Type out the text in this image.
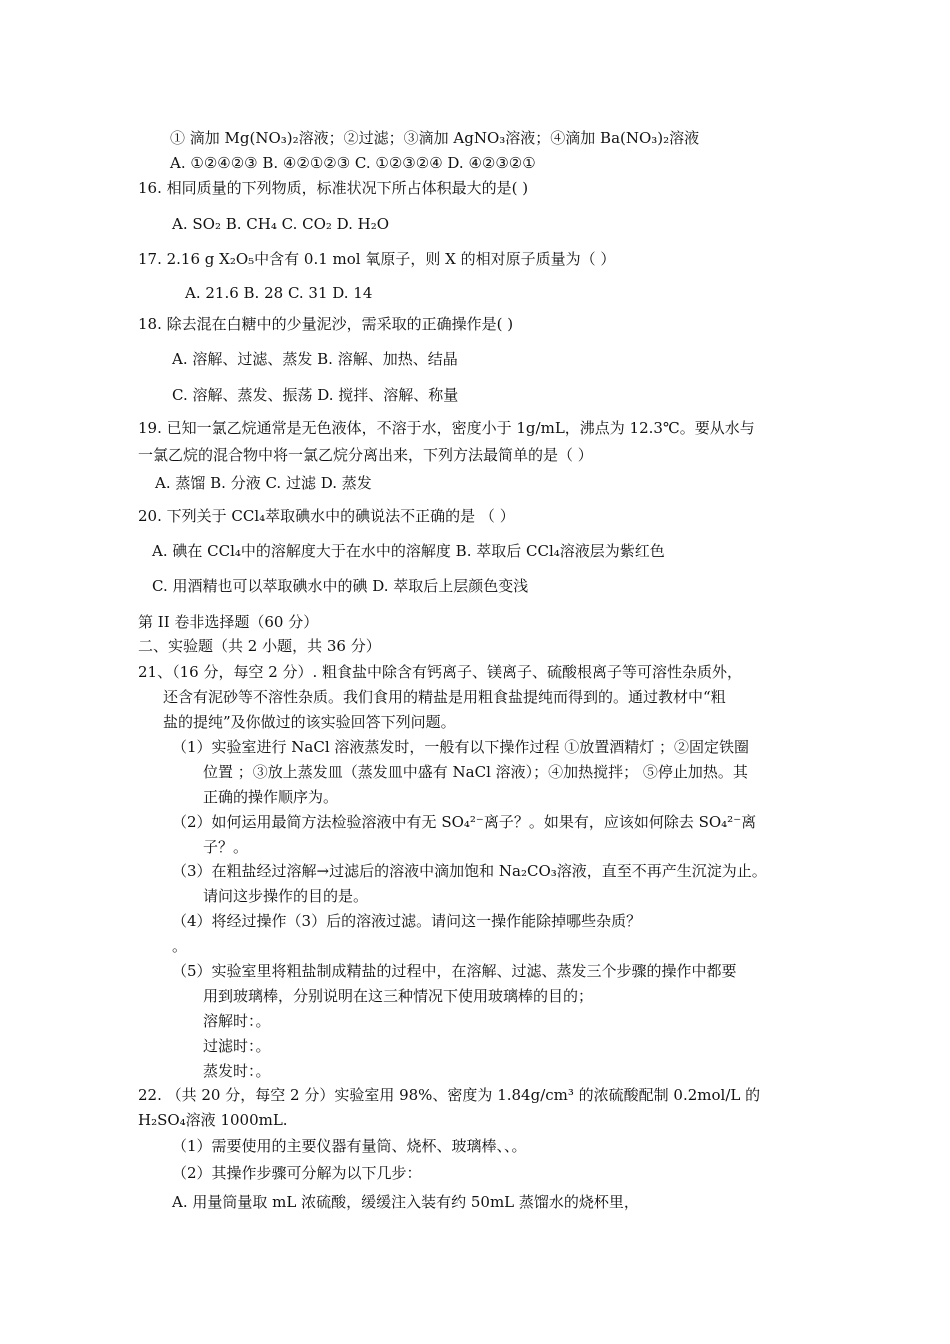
① 滴加 Mg(NO₃)₂溶液；②过滤；③滴加 AgNO₃溶液；④滴加 Ba(NO₃)₂溶液
A. ①②④②③ B. ④②①②③ C. ①②③②④ D. ④②③②①
16. 相同质量的下列物质，标准状况下所占体积最大的是( )
A. SO₂ B. CH₄ C. CO₂ D. H₂O
17. 2.16 g X₂O₅中含有 0.1 mol 氧原子，则 X 的相对原子质量为（ ）
A. 21.6 B. 28 C. 31 D. 14
18. 除去混在白糖中的少量泥沙，需采取的正确操作是( )
A. 溶解、过滤、蒸发 B. 溶解、加热、结晶
C. 溶解、蒸发、振荡 D. 搅拌、溶解、称量
19. 已知一氯乙烷通常是无色液体，不溶于水，密度小于 1g/mL，沸点为 12.3℃。要从水与
一氯乙烷的混合物中将一氯乙烷分离出来，下列方法最简单的是（ ）
A. 蒸馏 B. 分液 C. 过滤 D. 蒸发
20. 下列关于 CCl₄萃取碘水中的碘说法不正确的是 （ ）
A. 碘在 CCl₄中的溶解度大于在水中的溶解度 B. 萃取后 CCl₄溶液层为紫红色
C. 用酒精也可以萃取碘水中的碘 D. 萃取后上层颜色变浅
第 II 卷非选择题（60 分）
二、实验题（共 2 小题，共 36 分）
21、（16 分，每空 2 分）. 粗食盐中除含有钙离子、镁离子、硫酸根离子等可溶性杂质外，
还含有泥砂等不溶性杂质。我们食用的精盐是用粗食盐提纯而得到的。通过教材中“粗
盐的提纯”及你做过的该实验回答下列问题。
（1）实验室进行 NaCl 溶液蒸发时，一般有以下操作过程 ①放置酒精灯 ；②固定铁圈
位置 ；③放上蒸发皿（蒸发皿中盛有 NaCl 溶液）；④加热搅拌； ⑤停止加热。其
正确的操作顺序为。
（2）如何运用最简方法检验溶液中有无 SO₄²⁻离子？。如果有，应该如何除去 SO₄²⁻离
子？。
（3）在粗盐经过溶解→过滤后的溶液中滴加饱和 Na₂CO₃溶液，直至不再产生沉淀为止。
请问这步操作的目的是。
（4）将经过操作（3）后的溶液过滤。请问这一操作能除掉哪些杂质？
。
（5）实验室里将粗盐制成精盐的过程中，在溶解、过滤、蒸发三个步骤的操作中都要
用到玻璃棒，分别说明在这三种情况下使用玻璃棒的目的；
溶解时：。
过滤时：。
蒸发时：。
22. （共 20 分，每空 2 分）实验室用 98%、密度为 1.84g/cm³ 的浓硫酸配制 0.2mol/L 的
H₂SO₄溶液 1000mL.
（1）需要使用的主要仪器有量筒、烧杯、玻璃棒、、。
（2）其操作步骤可分解为以下几步：
A. 用量筒量取 mL 浓硫酸，缓缓注入装有约 50mL 蒸馏水的烧杯里，
